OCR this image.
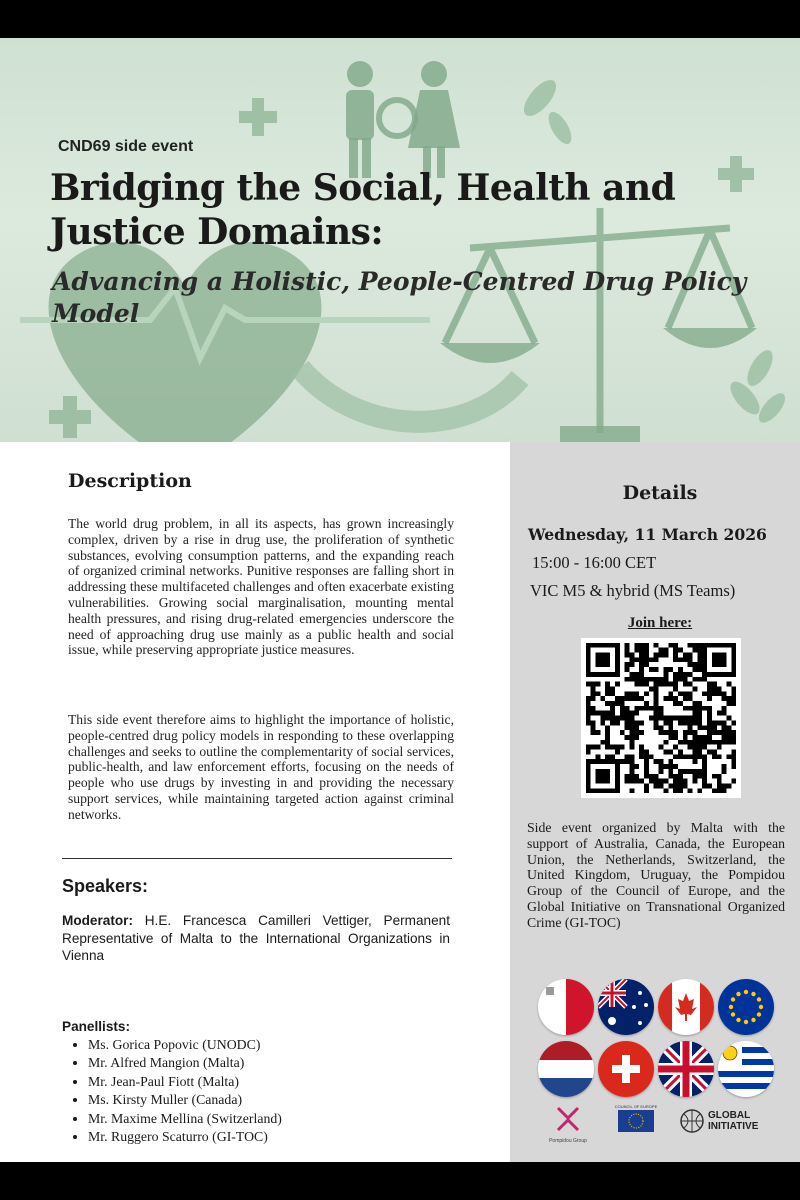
CND69 side event
Bridging the Social, Health and Justice Domains:
Advancing a Holistic, People-Centred Drug Policy Model
Description

The world drug problem, in all its aspects, has grown increasingly complex, driven by a rise in drug use, the proliferation of synthetic substances, evolving consumption patterns, and the expanding reach of organized criminal networks. Punitive responses are falling short in addressing these multifaceted challenges and often exacerbate existing vulnerabilities. Growing social marginalisation, mounting mental health pressures, and rising drug-related emergencies underscore the need of approaching drug use mainly as a public health and social issue, while preserving appropriate justice measures.

This side event therefore aims to highlight the importance of holistic, people-centred drug policy models in responding to these overlapping challenges and seeks to outline the complementarity of social services, public-health, and law enforcement efforts, focusing on the needs of people who use drugs by investing in and providing the necessary support services, while maintaining targeted action against criminal networks.

Speakers:

Moderator: H.E. Francesca Camilleri Vettiger, Permanent Representative of Malta to the International Organizations in Vienna

Panellists:
• Ms. Gorica Popovic (UNODC)
• Mr. Alfred Mangion (Malta)
• Mr. Jean-Paul Fiott (Malta)
• Ms. Kirsty Muller (Canada)
• Mr. Maxime Mellina (Switzerland)
• Mr. Ruggero Scaturro (GI-TOC)
Details
Wednesday, 11 March 2026
15:00 - 16:00 CET
VIC M5 & hybrid (MS Teams)
Join here:

Side event organized by Malta with the support of Australia, Canada, the European Union, the Netherlands, Switzerland, the United Kingdom, Uruguay, the Pompidou Group of the Council of Europe, and the Global Initiative on Transnational Organized Crime (GI-TOC)

Pompidou Group
COUNCIL OF EUROPE
GLOBAL
INITIATIVE
